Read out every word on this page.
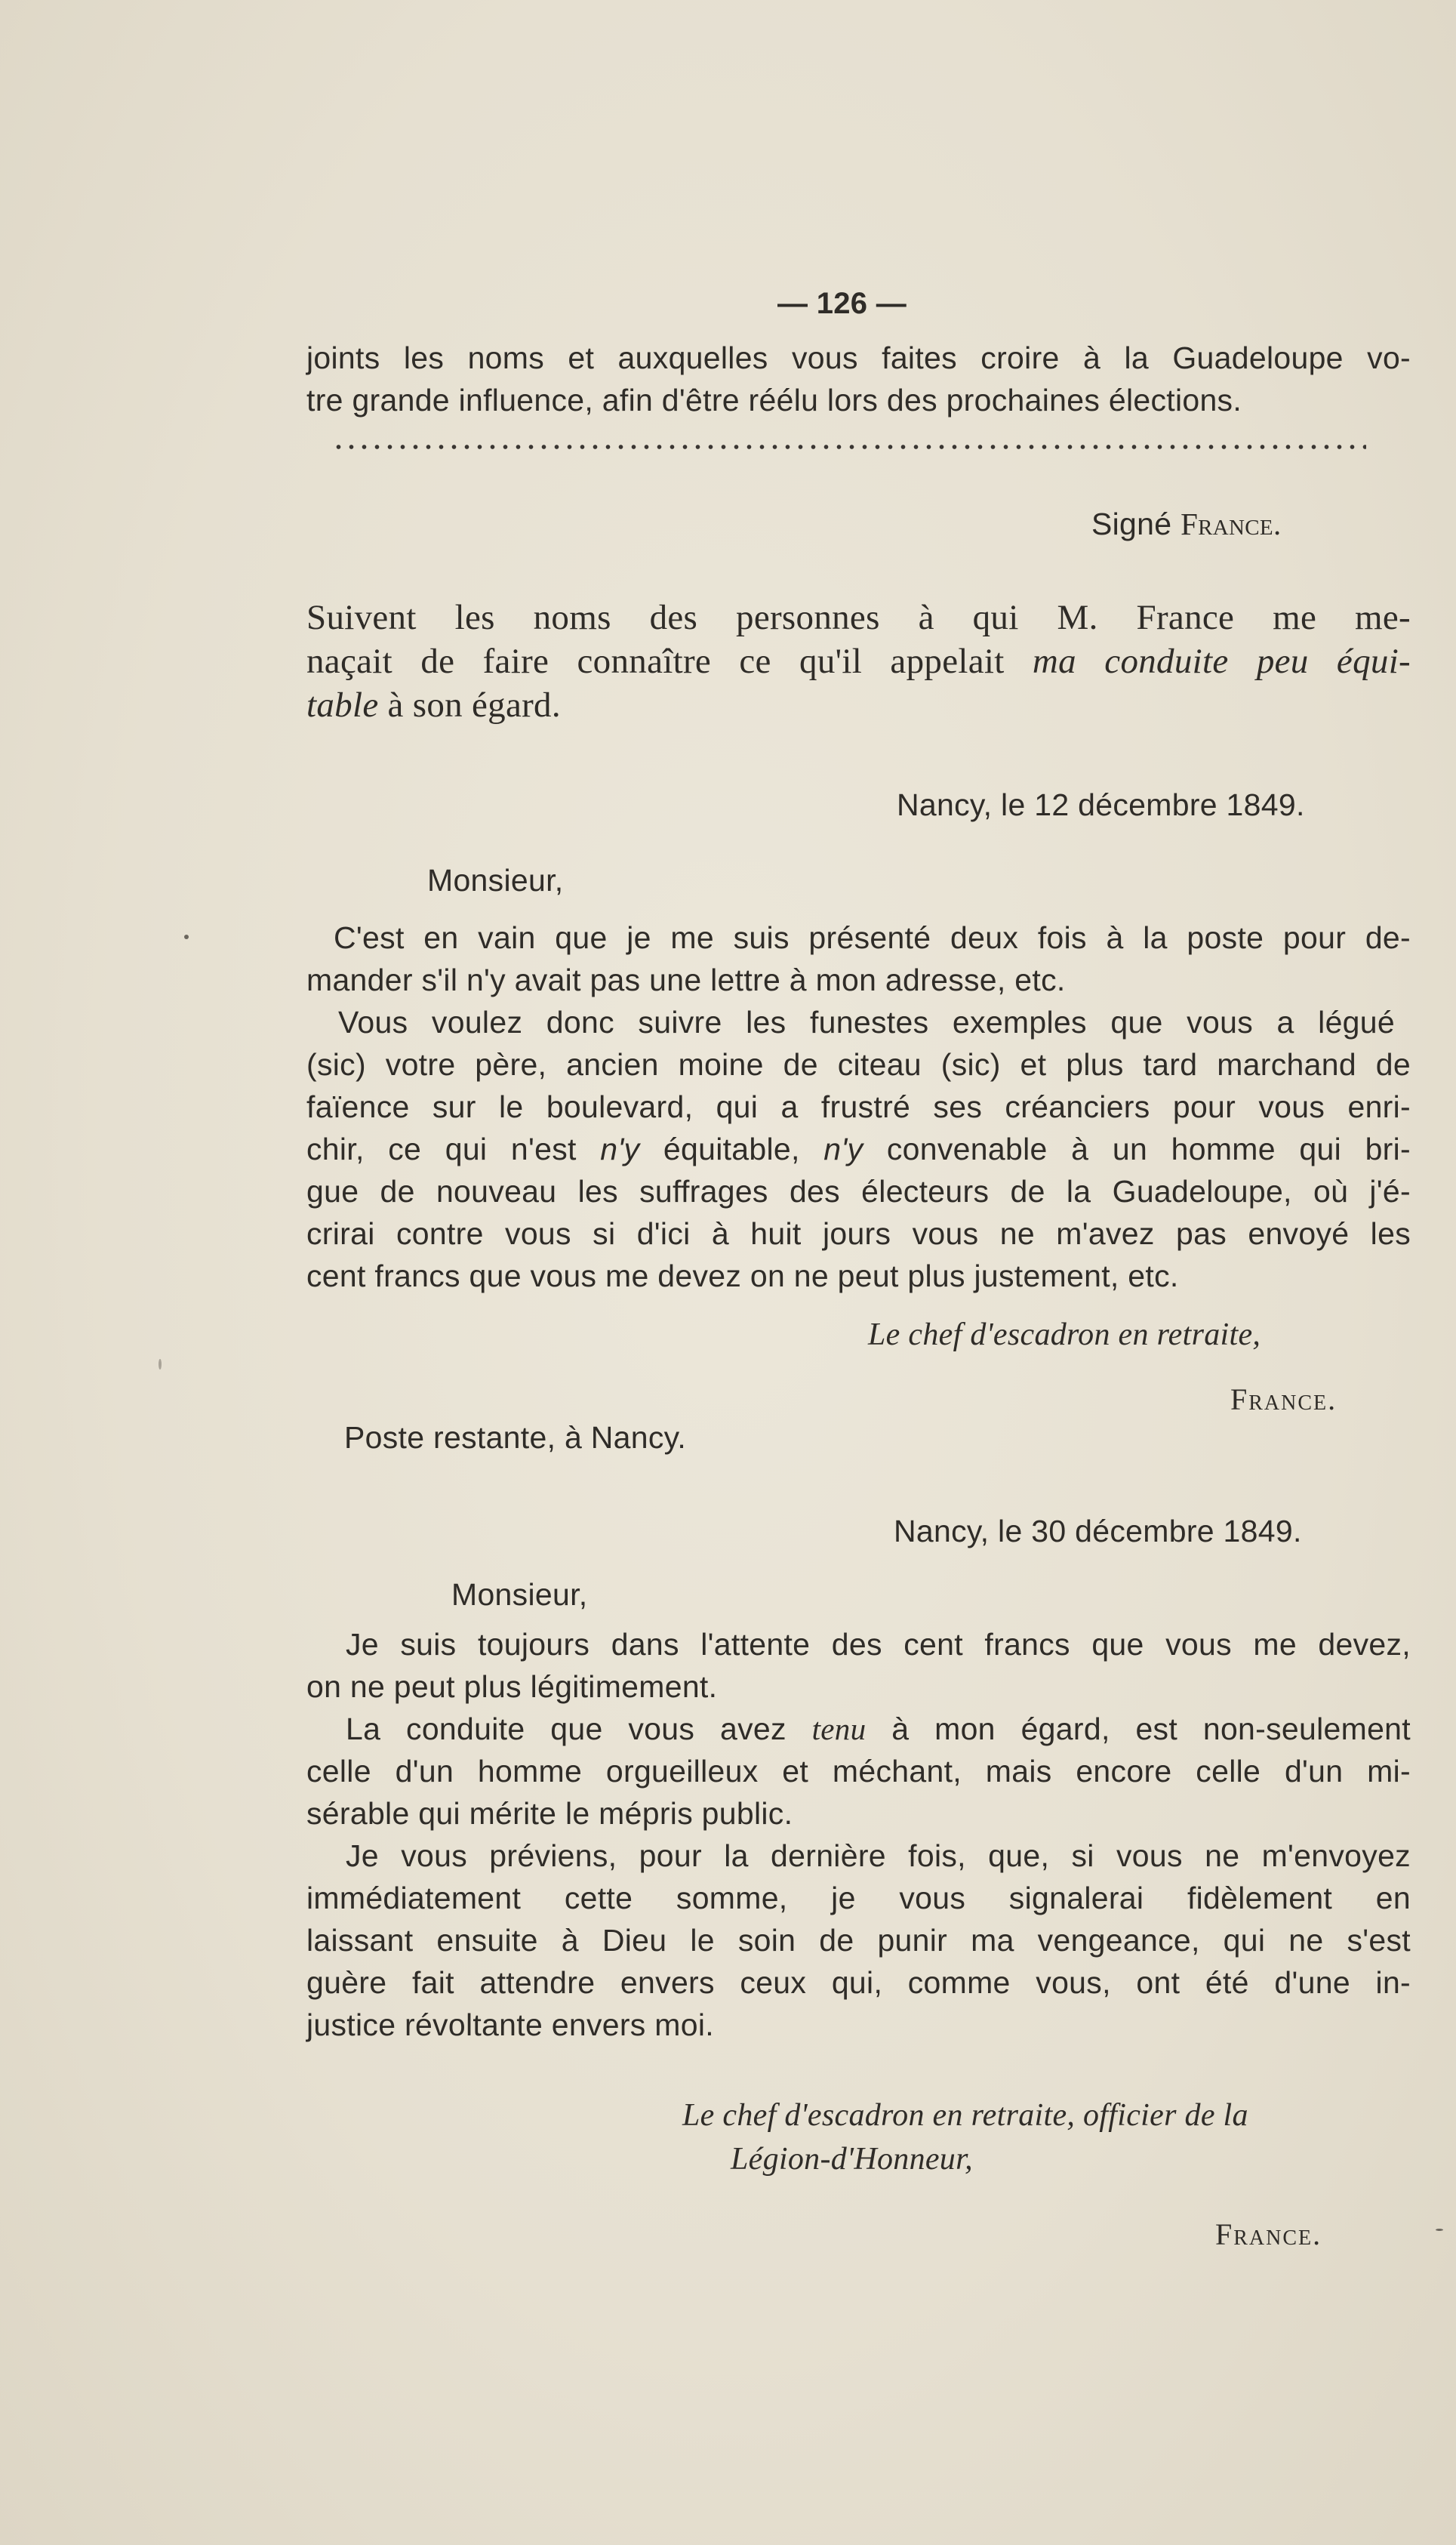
— 126 —
joints les noms et auxquelles vous faites croire à la Guadeloupe vo-
tre grande influence, afin d'être réélu lors des prochaines élections.
Signé France.
Suivent les noms des personnes à qui M. France me me-
naçait de faire connaître ce qu'il appelait ma conduite peu équi-
table à son égard.
Nancy, le 12 décembre 1849.
Monsieur,
C'est en vain que je me suis présenté deux fois à la poste pour de-
mander s'il n'y avait pas une lettre à mon adresse, etc.
Vous voulez donc suivre les funestes exemples que vous a légué
(sic) votre père, ancien moine de citeau (sic) et plus tard marchand de
faïence sur le boulevard, qui a frustré ses créanciers pour vous enri-
chir, ce qui n'est n'y équitable, n'y convenable à un homme qui bri-
gue de nouveau les suffrages des électeurs de la Guadeloupe, où j'é-
crirai contre vous si d'ici à huit jours vous ne m'avez pas envoyé les
cent francs que vous me devez on ne peut plus justement, etc.
Le chef d'escadron en retraite,
France.
Poste restante, à Nancy.
Nancy, le 30 décembre 1849.
Monsieur,
Je suis toujours dans l'attente des cent francs que vous me devez,
on ne peut plus légitimement.
La conduite que vous avez tenu à mon égard, est non-seulement
celle d'un homme orgueilleux et méchant, mais encore celle d'un mi-
sérable qui mérite le mépris public.
Je vous préviens, pour la dernière fois, que, si vous ne m'envoyez
immédiatement cette somme, je vous signalerai fidèlement en
laissant ensuite à Dieu le soin de punir ma vengeance, qui ne s'est
guère fait attendre envers ceux qui, comme vous, ont été d'une in-
justice révoltante envers moi.
Le chef d'escadron en retraite, officier de la
Légion-d'Honneur,
France.
